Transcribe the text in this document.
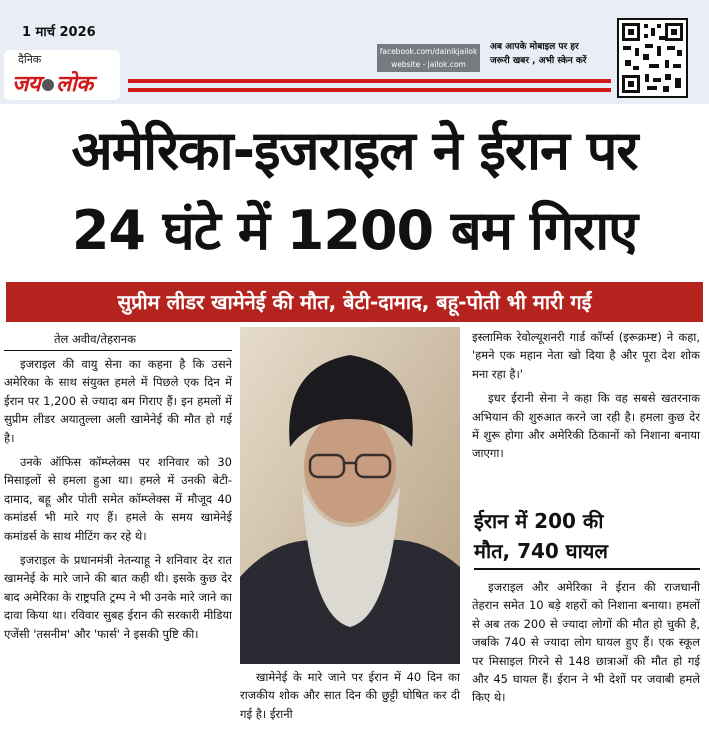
1 मार्च 2026
दैनिक
जय लोक
facebook.com/dainikjailok
website - jailok.com
अब आपके मोबाइल पर हर
जरूरी खबर , अभी स्केन करें
अमेरिका-इजराइल ने ईरान पर
24 घंटे में 1200 बम गिराए
सुप्रीम लीडर खामेनेई की मौत, बेटी-दामाद, बहू-पोती भी मारी गईं
तेल अवीव/तेहरानक

इजराइल की वायु सेना का कहना है कि उसने अमेरिका के साथ संयुक्त हमले में पिछले एक दिन में ईरान पर 1,200 से ज्यादा बम गिराए हैं। इन हमलों में सुप्रीम लीडर अयातुल्ला अली खामेनेई की मौत हो गई है।

उनके ऑफिस कॉम्प्लेक्स पर शनिवार को 30 मिसाइलों से हमला हुआ था। हमले में उनकी बेटी-दामाद, बहू और पोती समेत कॉम्प्लेक्स में मौजूद 40 कमांडर्स भी मारे गए हैं। हमले के समय खामेनेई कमांडर्स के साथ मीटिंग कर रहे थे।

इजराइल के प्रधानमंत्री नेतन्याहू ने शनिवार देर रात खामनेई के मारे जाने की बात कही थी। इसके कुछ देर बाद अमेरिका के राष्ट्रपति ट्रम्प ने भी उनके मारे जाने का दावा किया था। रविवार सुबह ईरान की सरकारी मीडिया एजेंसी 'तसनीम' और 'फार्स' ने इसकी पुष्टि की।

खामेनेई के मारे जाने पर ईरान में 40 दिन का राजकीय शोक और सात दिन की छुट्टी घोषित कर दी गई है। ईरानी

इस्लामिक रेवोल्यूशनरी गार्ड कॉर्प्स (इरूक्रम्ष्ट) ने कहा, 'हमने एक महान नेता खो दिया है और पूरा देश शोक मना रहा है।'

इधर ईरानी सेना ने कहा कि वह सबसे खतरनाक अभियान की शुरुआत करने जा रही है। हमला कुछ देर में शुरू होगा और अमेरिकी ठिकानों को निशाना बनाया जाएगा।

ईरान में 200 की
मौत, 740 घायल

इजराइल और अमेरिका ने ईरान की राजधानी तेहरान समेत 10 बड़े शहरों को निशाना बनाया। हमलों से अब तक 200 से ज्यादा लोगों की मौत हो चुकी है, जबकि 740 से ज्यादा लोग घायल हुए हैं। एक स्कूल पर मिसाइल गिरने से 148 छात्राओं की मौत हो गई और 45 घायल हैं। ईरान ने भी देशों पर जवाबी हमले किए थे।
